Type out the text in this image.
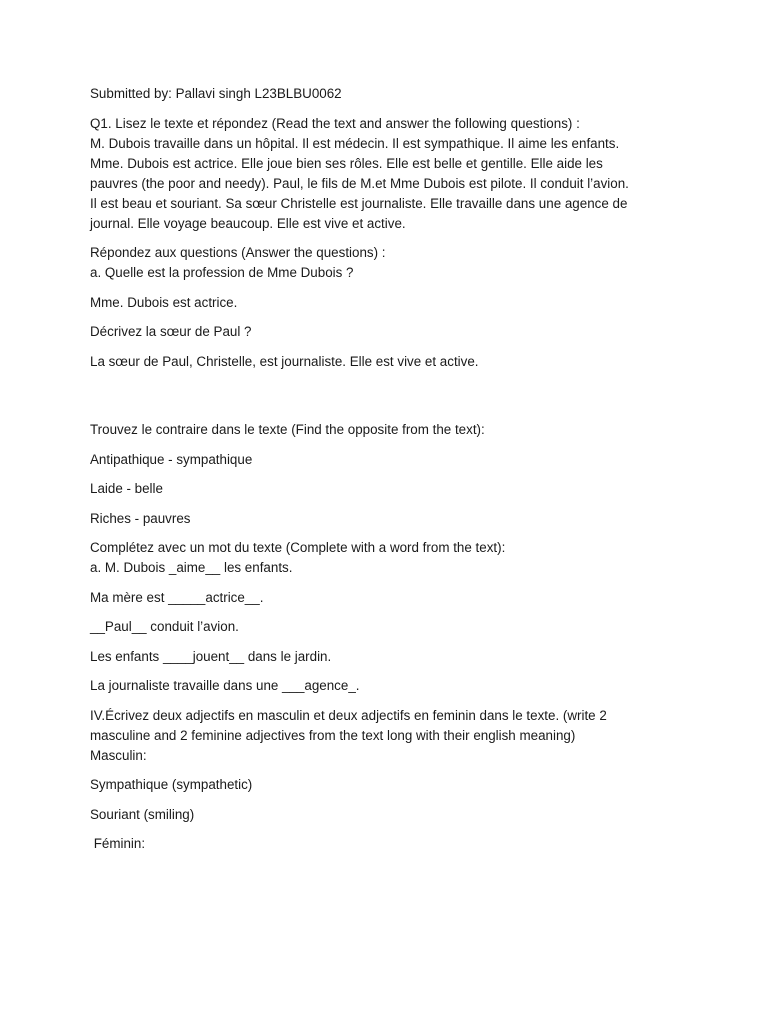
Submitted by: Pallavi singh L23BLBU0062

Q1. Lisez le texte et répondez (Read the text and answer the following questions) :
M. Dubois travaille dans un hôpital. Il est médecin. Il est sympathique. Il aime les enfants.
Mme. Dubois est actrice. Elle joue bien ses rôles. Elle est belle et gentille. Elle aide les
pauvres (the poor and needy). Paul, le fils de M.et Mme Dubois est pilote. Il conduit l’avion.
Il est beau et souriant. Sa sœur Christelle est journaliste. Elle travaille dans une agence de
journal. Elle voyage beaucoup. Elle est vive et active.
Répondez aux questions (Answer the questions) :
a. Quelle est la profession de Mme Dubois ?

Mme. Dubois est actrice.

Décrivez la sœur de Paul ?

La sœur de Paul, Christelle, est journaliste. Elle est vive et active.

Trouvez le contraire dans le texte (Find the opposite from the text):

Antipathique - sympathique

Laide - belle

Riches - pauvres

Complétez avec un mot du texte (Complete with a word from the text):
a. M. Dubois _aime__ les enfants.

Ma mère est _____actrice__.

__Paul__ conduit l’avion.

Les enfants ____jouent__ dans le jardin.

La journaliste travaille dans une ___agence_.

IV.Écrivez deux adjectifs en masculin et deux adjectifs en feminin dans le texte. (write 2
masculine and 2 feminine adjectives from the text long with their english meaning)
Masculin:

Sympathique (sympathetic)

Souriant (smiling)

Féminin:
